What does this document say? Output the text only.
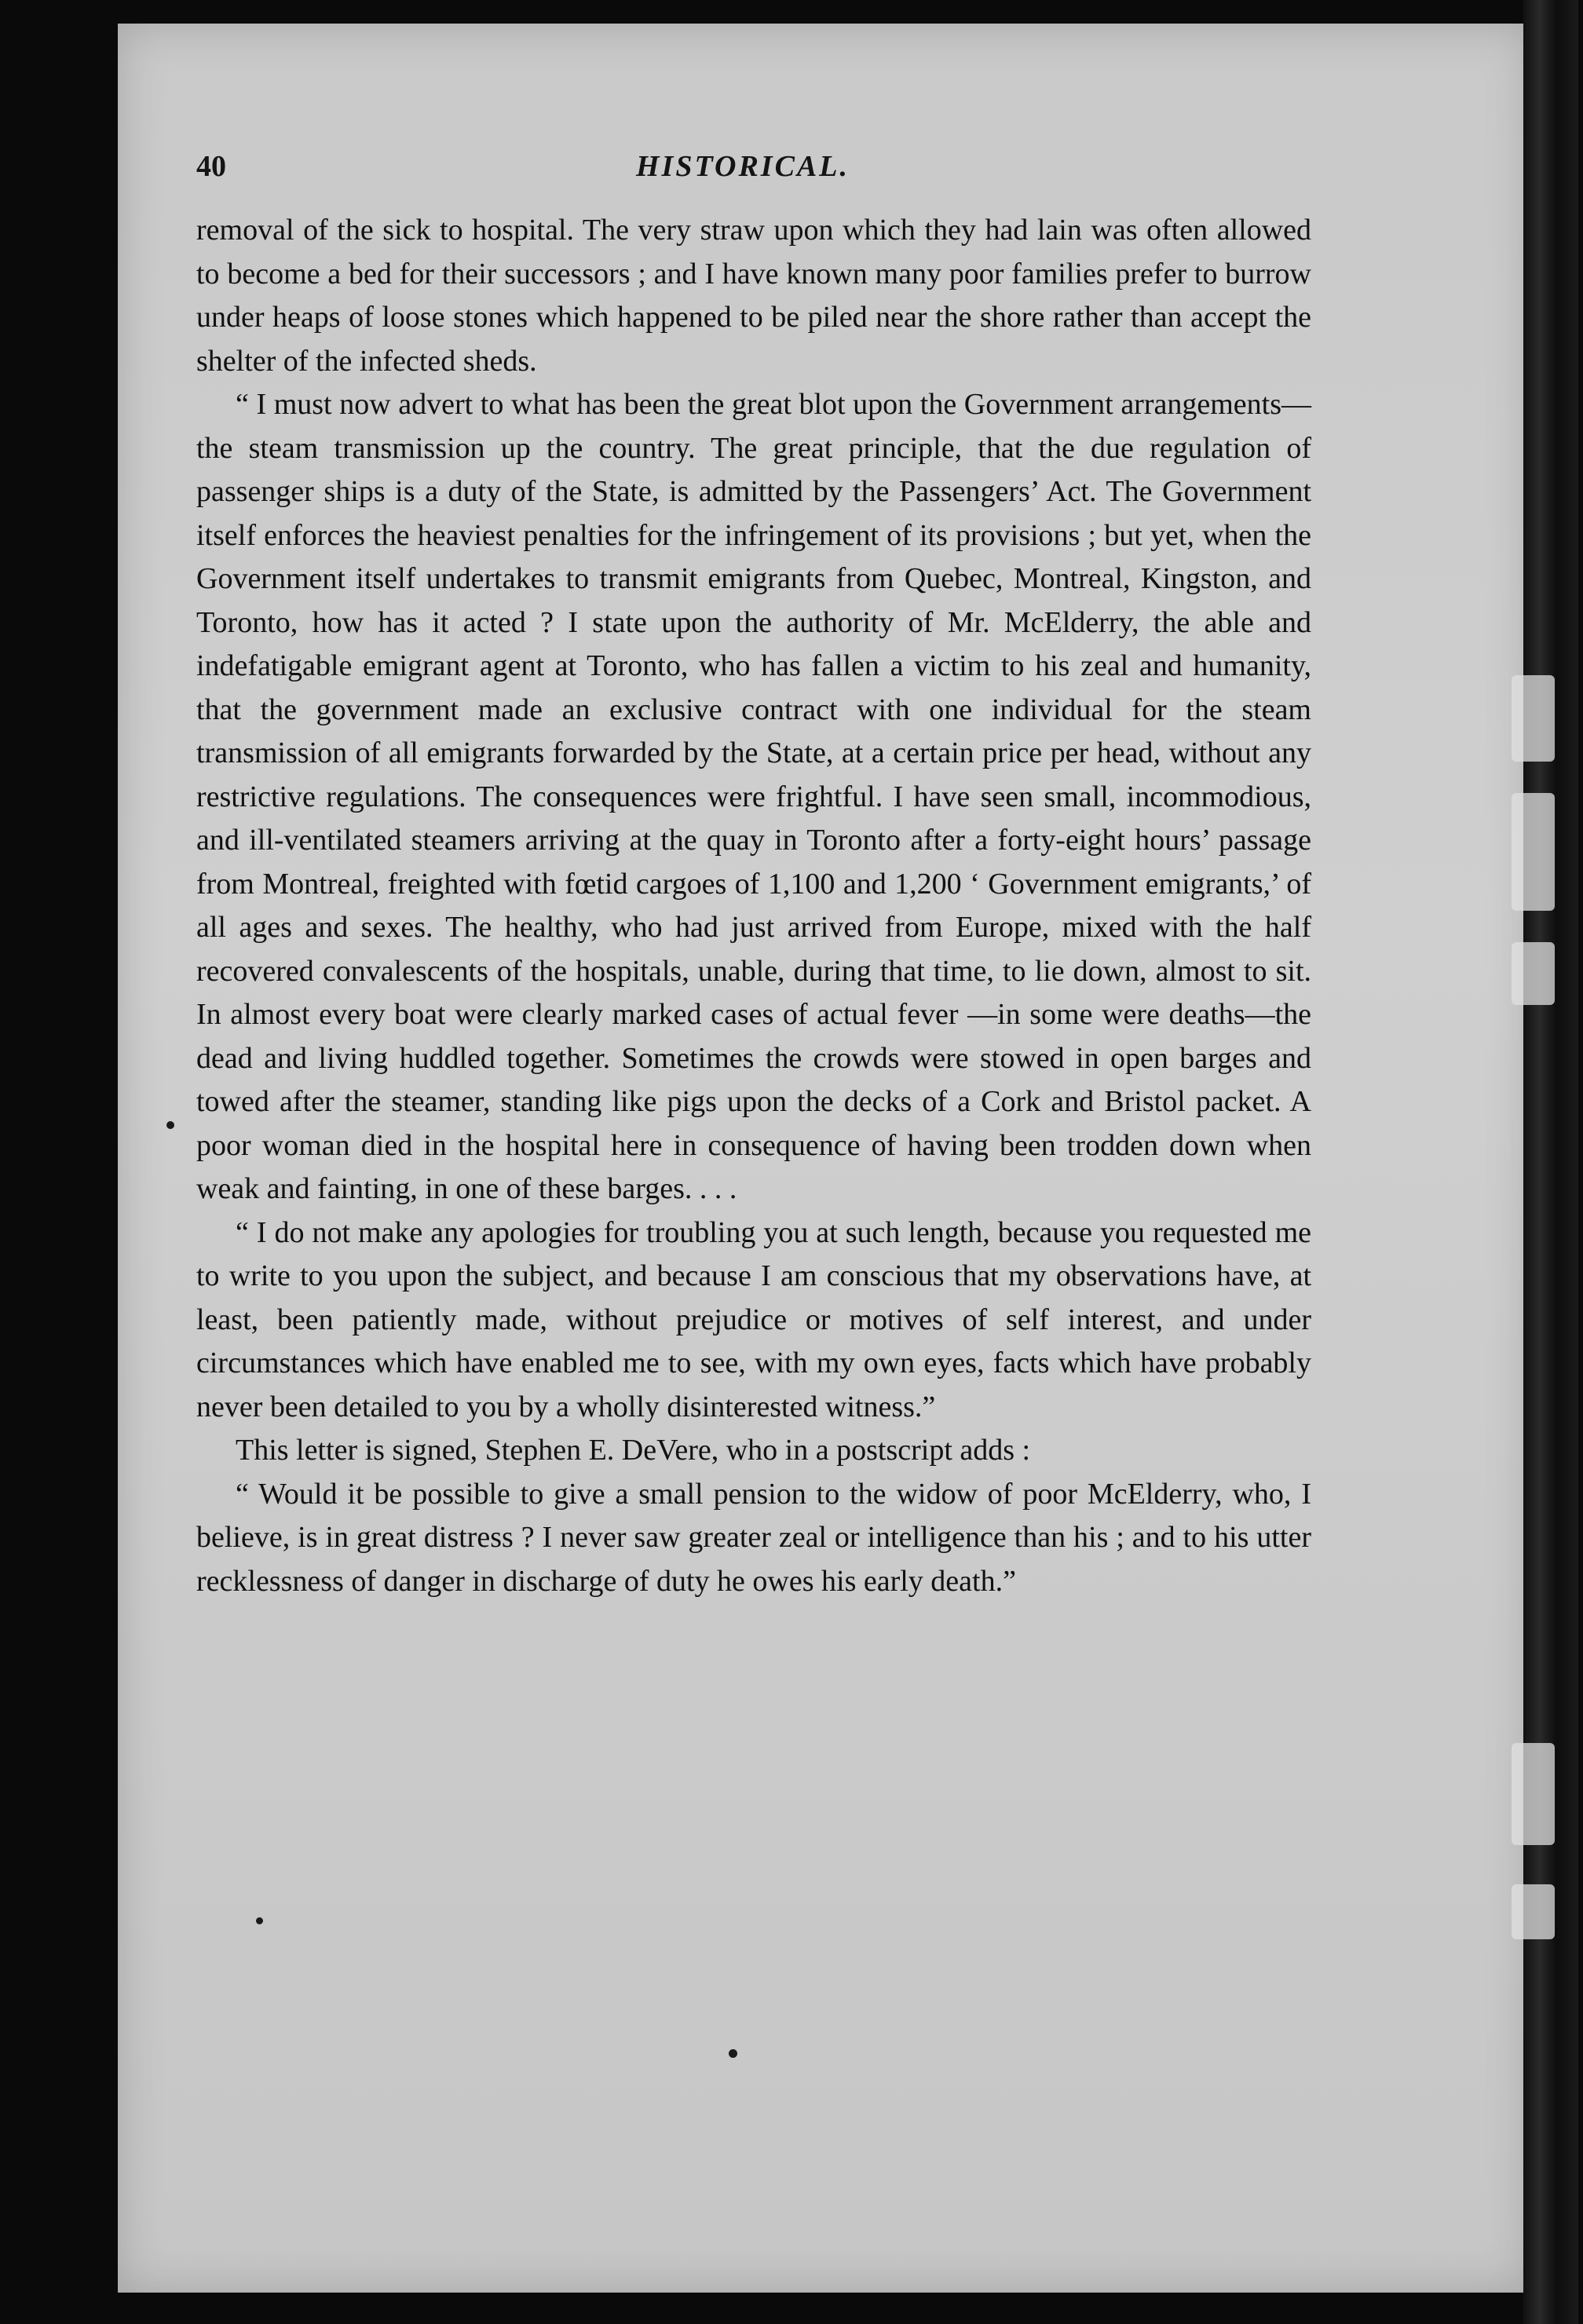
40	HISTORICAL.

removal of the sick to hospital. The very straw upon which they had lain was often allowed to become a bed for their successors ; and I have known many poor families prefer to burrow under heaps of loose stones which happened to be piled near the shore rather than accept the shelter of the infected sheds.

“ I must now advert to what has been the great blot upon the Government arrangements—the steam transmission up the country. The great principle, that the due regulation of passenger ships is a duty of the State, is admitted by the Passengers’ Act. The Government itself enforces the heaviest penalties for the infringement of its provisions ; but yet, when the Government itself undertakes to transmit emigrants from Quebec, Montreal, Kingston, and Toronto, how has it acted ? I state upon the authority of Mr. McElderry, the able and indefatigable emigrant agent at Toronto, who has fallen a victim to his zeal and humanity, that the government made an exclusive contract with one individual for the steam transmission of all emigrants forwarded by the State, at a certain price per head, without any restrictive regulations. The consequences were frightful. I have seen small, incommodious, and ill-ventilated steamers arriving at the quay in Toronto after a forty-eight hours’ passage from Montreal, freighted with fœtid cargoes of 1,100 and 1,200 ‘ Government emigrants,’ of all ages and sexes. The healthy, who had just arrived from Europe, mixed with the half recovered convalescents of the hospitals, unable, during that time, to lie down, almost to sit. In almost every boat were clearly marked cases of actual fever —in some were deaths—the dead and living huddled together. Sometimes the crowds were stowed in open barges and towed after the steamer, standing like pigs upon the decks of a Cork and Bristol packet. A poor woman died in the hospital here in consequence of having been trodden down when weak and fainting, in one of these barges. . . .

“ I do not make any apologies for troubling you at such length, because you requested me to write to you upon the subject, and because I am conscious that my observations have, at least, been patiently made, without prejudice or motives of self interest, and under circumstances which have enabled me to see, with my own eyes, facts which have probably never been detailed to you by a wholly disinterested witness.”

This letter is signed, Stephen E. DeVere, who in a postscript adds :

“ Would it be possible to give a small pension to the widow of poor McElderry, who, I believe, is in great distress ? I never saw greater zeal or intelligence than his ; and to his utter recklessness of danger in discharge of duty he owes his early death.”
